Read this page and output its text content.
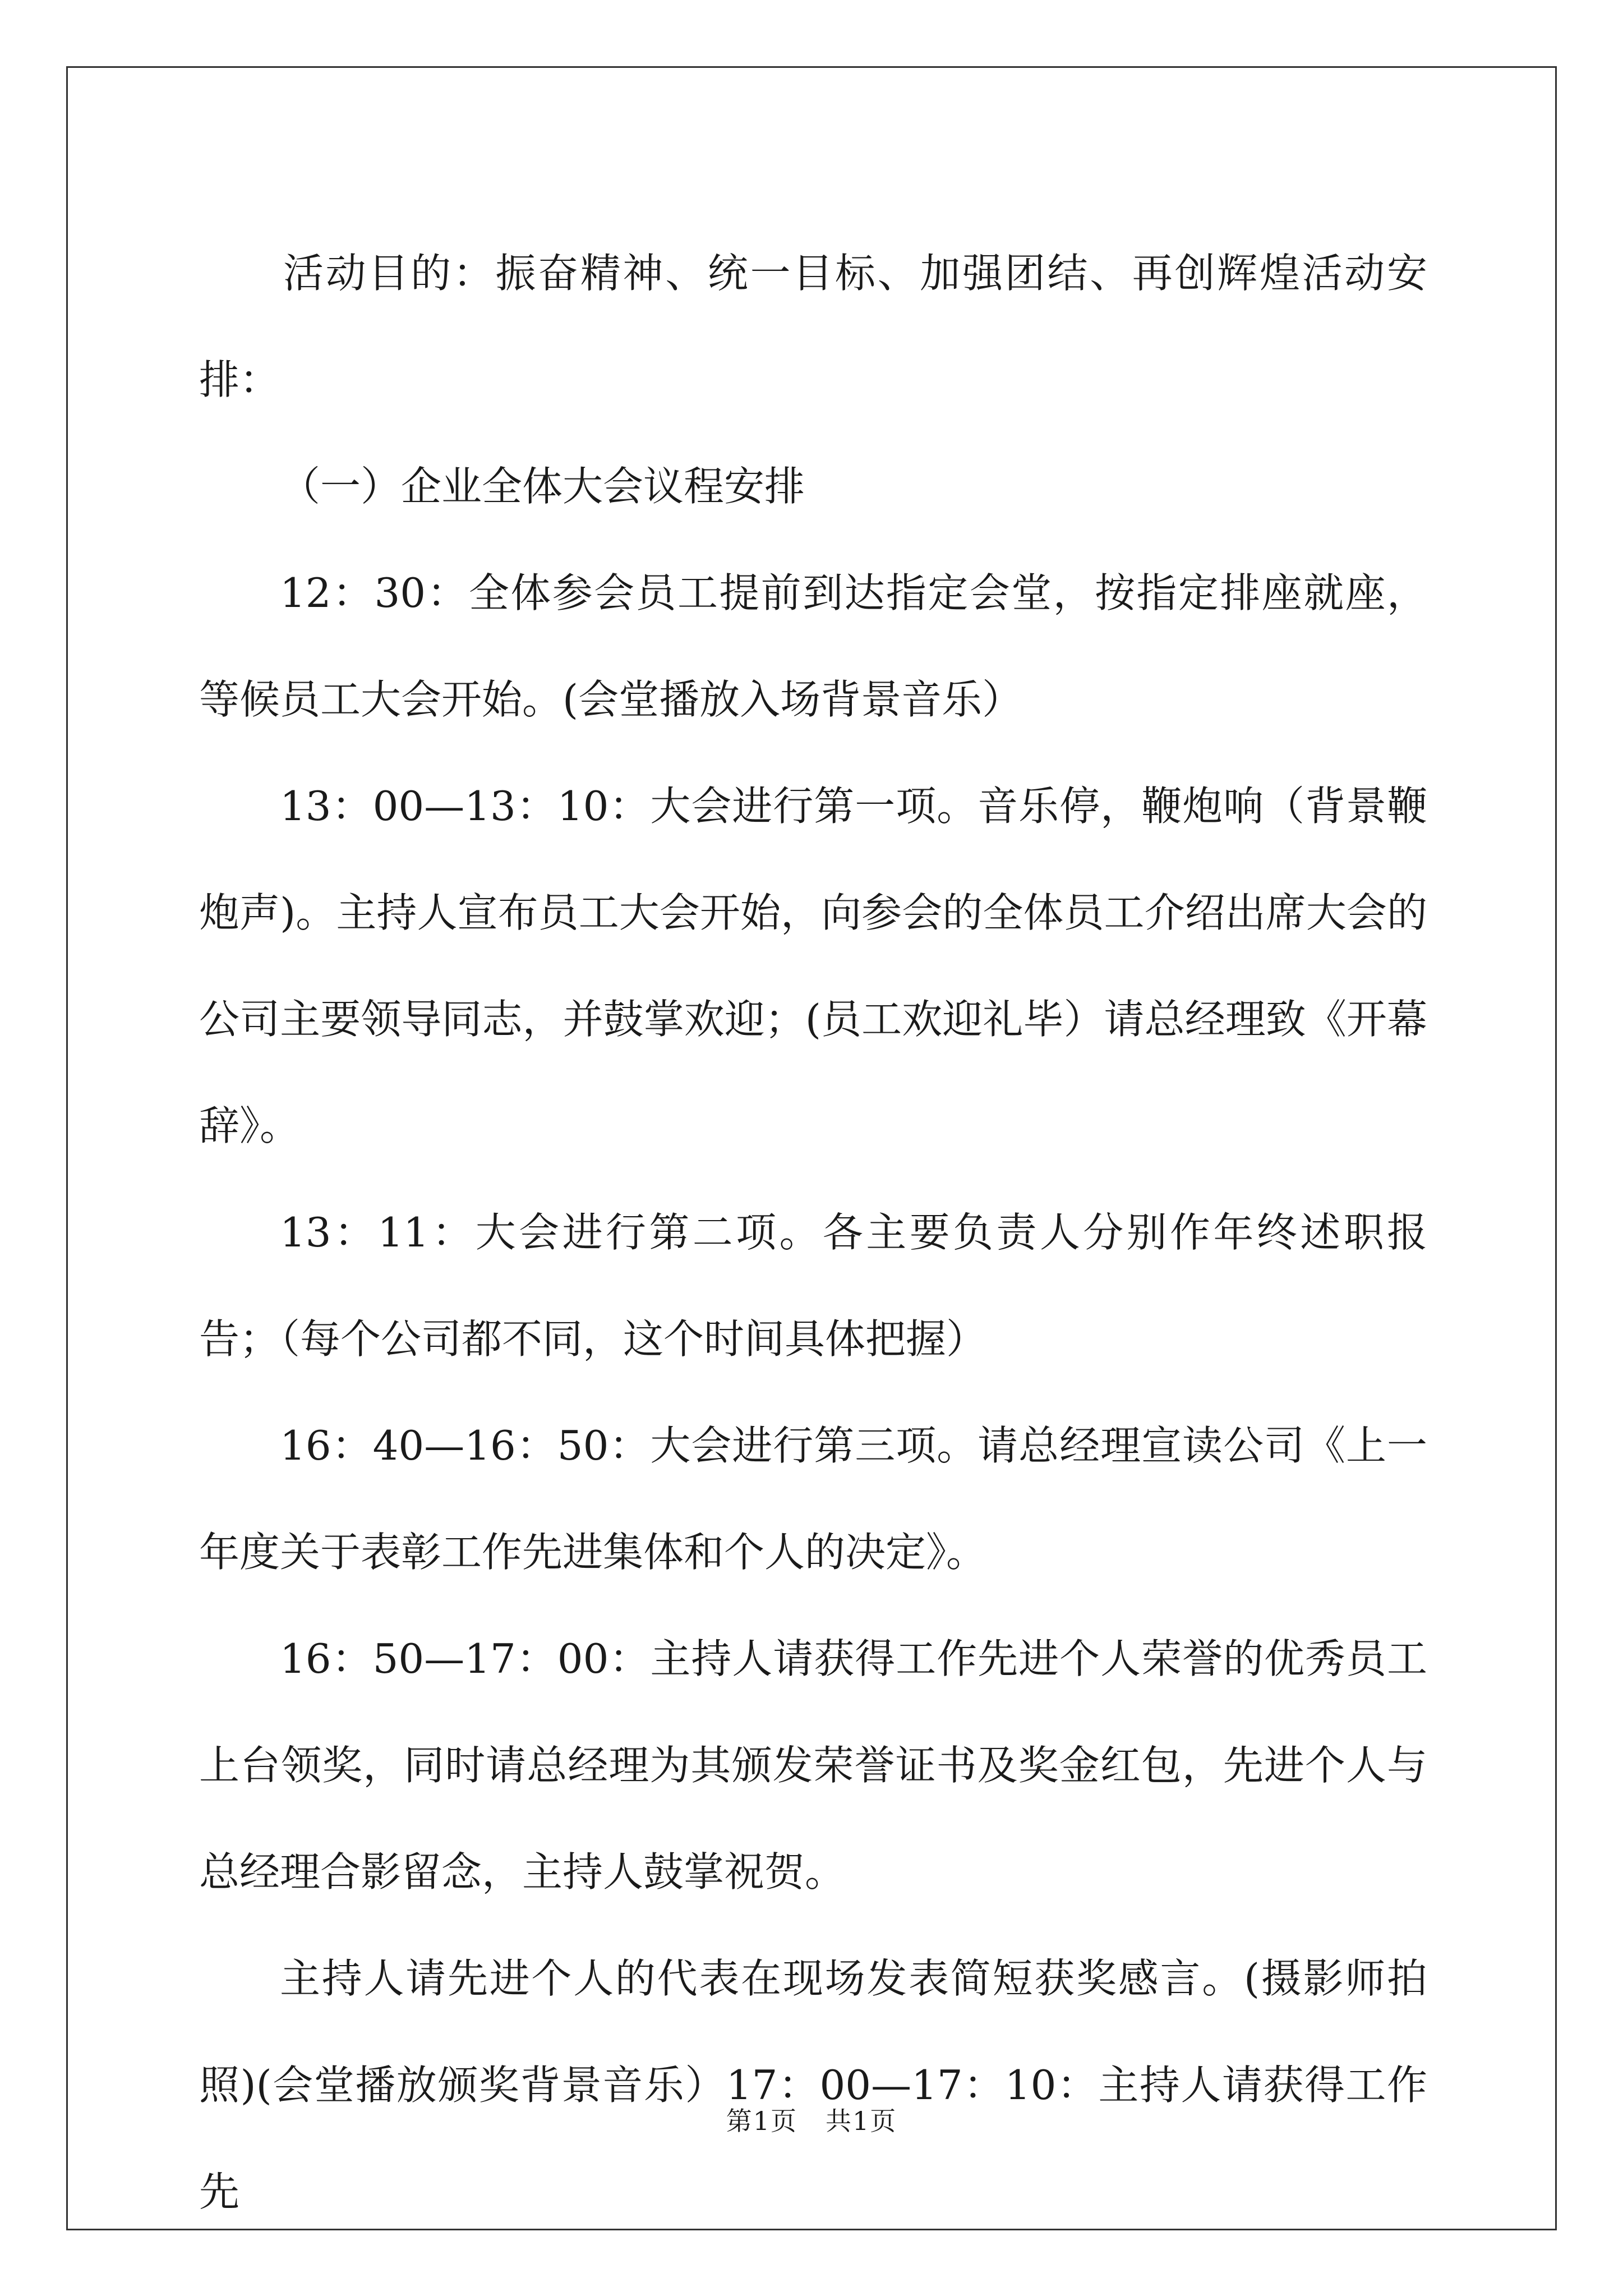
活动目的：振奋精神、统一目标、加强团结、再创辉煌活动安排：

（一）企业全体大会议程安排

12：30：全体参会员工提前到达指定会堂，按指定排座就座，等候员工大会开始。(会堂播放入场背景音乐）

13：00—13：10：大会进行第一项。音乐停，鞭炮响（背景鞭炮声)。主持人宣布员工大会开始，向参会的全体员工介绍出席大会的公司主要领导同志，并鼓掌欢迎；(员工欢迎礼毕）请总经理致《开幕辞》。

13：11：大会进行第二项。各主要负责人分别作年终述职报告；（每个公司都不同，这个时间具体把握）

16：40—16：50：大会进行第三项。请总经理宣读公司《上一年度关于表彰工作先进集体和个人的决定》。

16：50—17：00：主持人请获得工作先进个人荣誉的优秀员工上台领奖，同时请总经理为其颁发荣誉证书及奖金红包，先进个人与总经理合影留念，主持人鼓掌祝贺。

主持人请先进个人的代表在现场发表简短获奖感言。(摄影师拍照)(会堂播放颁奖背景音乐）17：00—17：10：主持人请获得工作先

第1页 共1页
